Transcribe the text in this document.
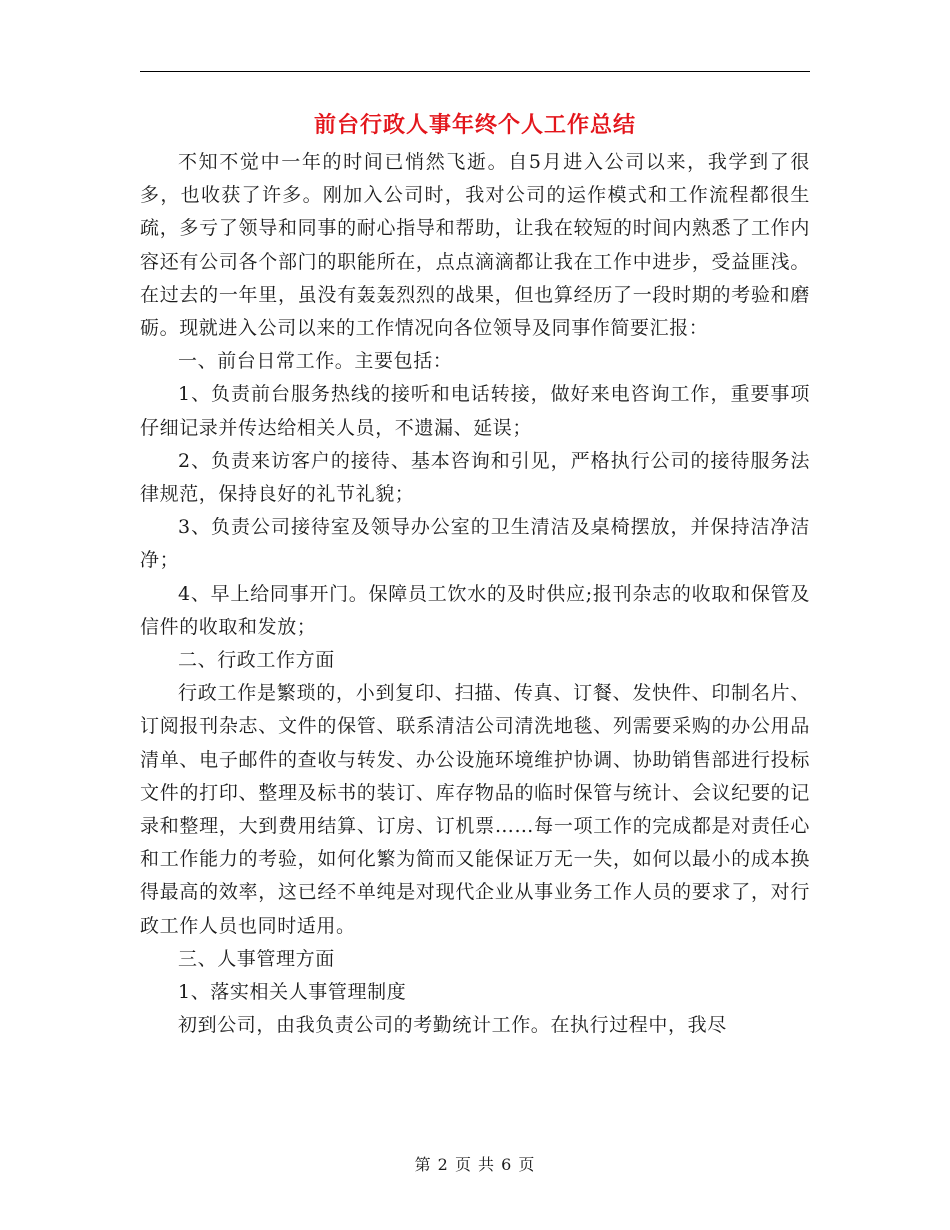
前台行政人事年终个人工作总结

不知不觉中一年的时间已悄然飞逝。自5月进入公司以来，我学到了很多，也收获了许多。刚加入公司时，我对公司的运作模式和工作流程都很生疏，多亏了领导和同事的耐心指导和帮助，让我在较短的时间内熟悉了工作内容还有公司各个部门的职能所在，点点滴滴都让我在工作中进步，受益匪浅。在过去的一年里，虽没有轰轰烈烈的战果，但也算经历了一段时期的考验和磨砺。现就进入公司以来的工作情况向各位领导及同事作简要汇报：

一、前台日常工作。主要包括：

1、负责前台服务热线的接听和电话转接，做好来电咨询工作，重要事项仔细记录并传达给相关人员，不遗漏、延误；

2、负责来访客户的接待、基本咨询和引见，严格执行公司的接待服务法律规范，保持良好的礼节礼貌；

3、负责公司接待室及领导办公室的卫生清洁及桌椅摆放，并保持洁净洁净；

4、早上给同事开门。保障员工饮水的及时供应;报刊杂志的收取和保管及信件的收取和发放；

二、行政工作方面

行政工作是繁琐的，小到复印、扫描、传真、订餐、发快件、印制名片、订阅报刊杂志、文件的保管、联系清洁公司清洗地毯、列需要采购的办公用品清单、电子邮件的查收与转发、办公设施环境维护协调、协助销售部进行投标文件的打印、整理及标书的装订、库存物品的临时保管与统计、会议纪要的记录和整理，大到费用结算、订房、订机票……每一项工作的完成都是对责任心和工作能力的考验，如何化繁为简而又能保证万无一失，如何以最小的成本换得最高的效率，这已经不单纯是对现代企业从事业务工作人员的要求了，对行政工作人员也同时适用。

三、人事管理方面

1、落实相关人事管理制度

初到公司，由我负责公司的考勤统计工作。在执行过程中，我尽

第 2 页 共 6 页
